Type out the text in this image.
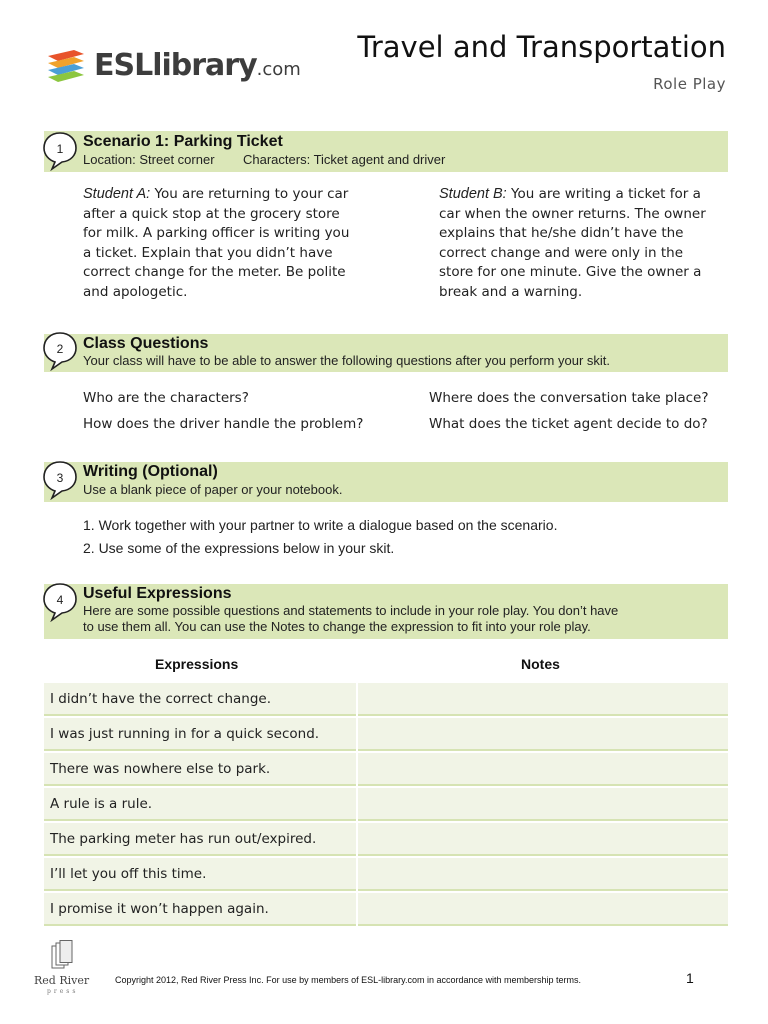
ESLlibrary.com
Travel and Transportation
Role Play
1 Scenario 1: Parking Ticket
Location: Street corner Characters: Ticket agent and driver
Student A: You are returning to your car
after a quick stop at the grocery store
for milk. A parking officer is writing you
a ticket. Explain that you didn’t have
correct change for the meter. Be polite
and apologetic.
Student B: You are writing a ticket for a
car when the owner returns. The owner
explains that he/she didn’t have the
correct change and were only in the
store for one minute. Give the owner a
break and a warning.
2 Class Questions
Your class will have to be able to answer the following questions after you perform your skit.
Who are the characters?	Where does the conversation take place?
How does the driver handle the problem?	What does the ticket agent decide to do?
3 Writing (Optional)
Use a blank piece of paper or your notebook.
1. Work together with your partner to write a dialogue based on the scenario.
2. Use some of the expressions below in your skit.
4 Useful Expressions
Here are some possible questions and statements to include in your role play. You don’t have
to use them all. You can use the Notes to change the expression to fit into your role play.
Expressions	Notes
I didn’t have the correct change.
I was just running in for a quick second.
There was nowhere else to park.
A rule is a rule.
The parking meter has run out/expired.
I’ll let you off this time.
I promise it won’t happen again.
Red River
press
Copyright 2012, Red River Press Inc. For use by members of ESL-library.com in accordance with membership terms.	1
